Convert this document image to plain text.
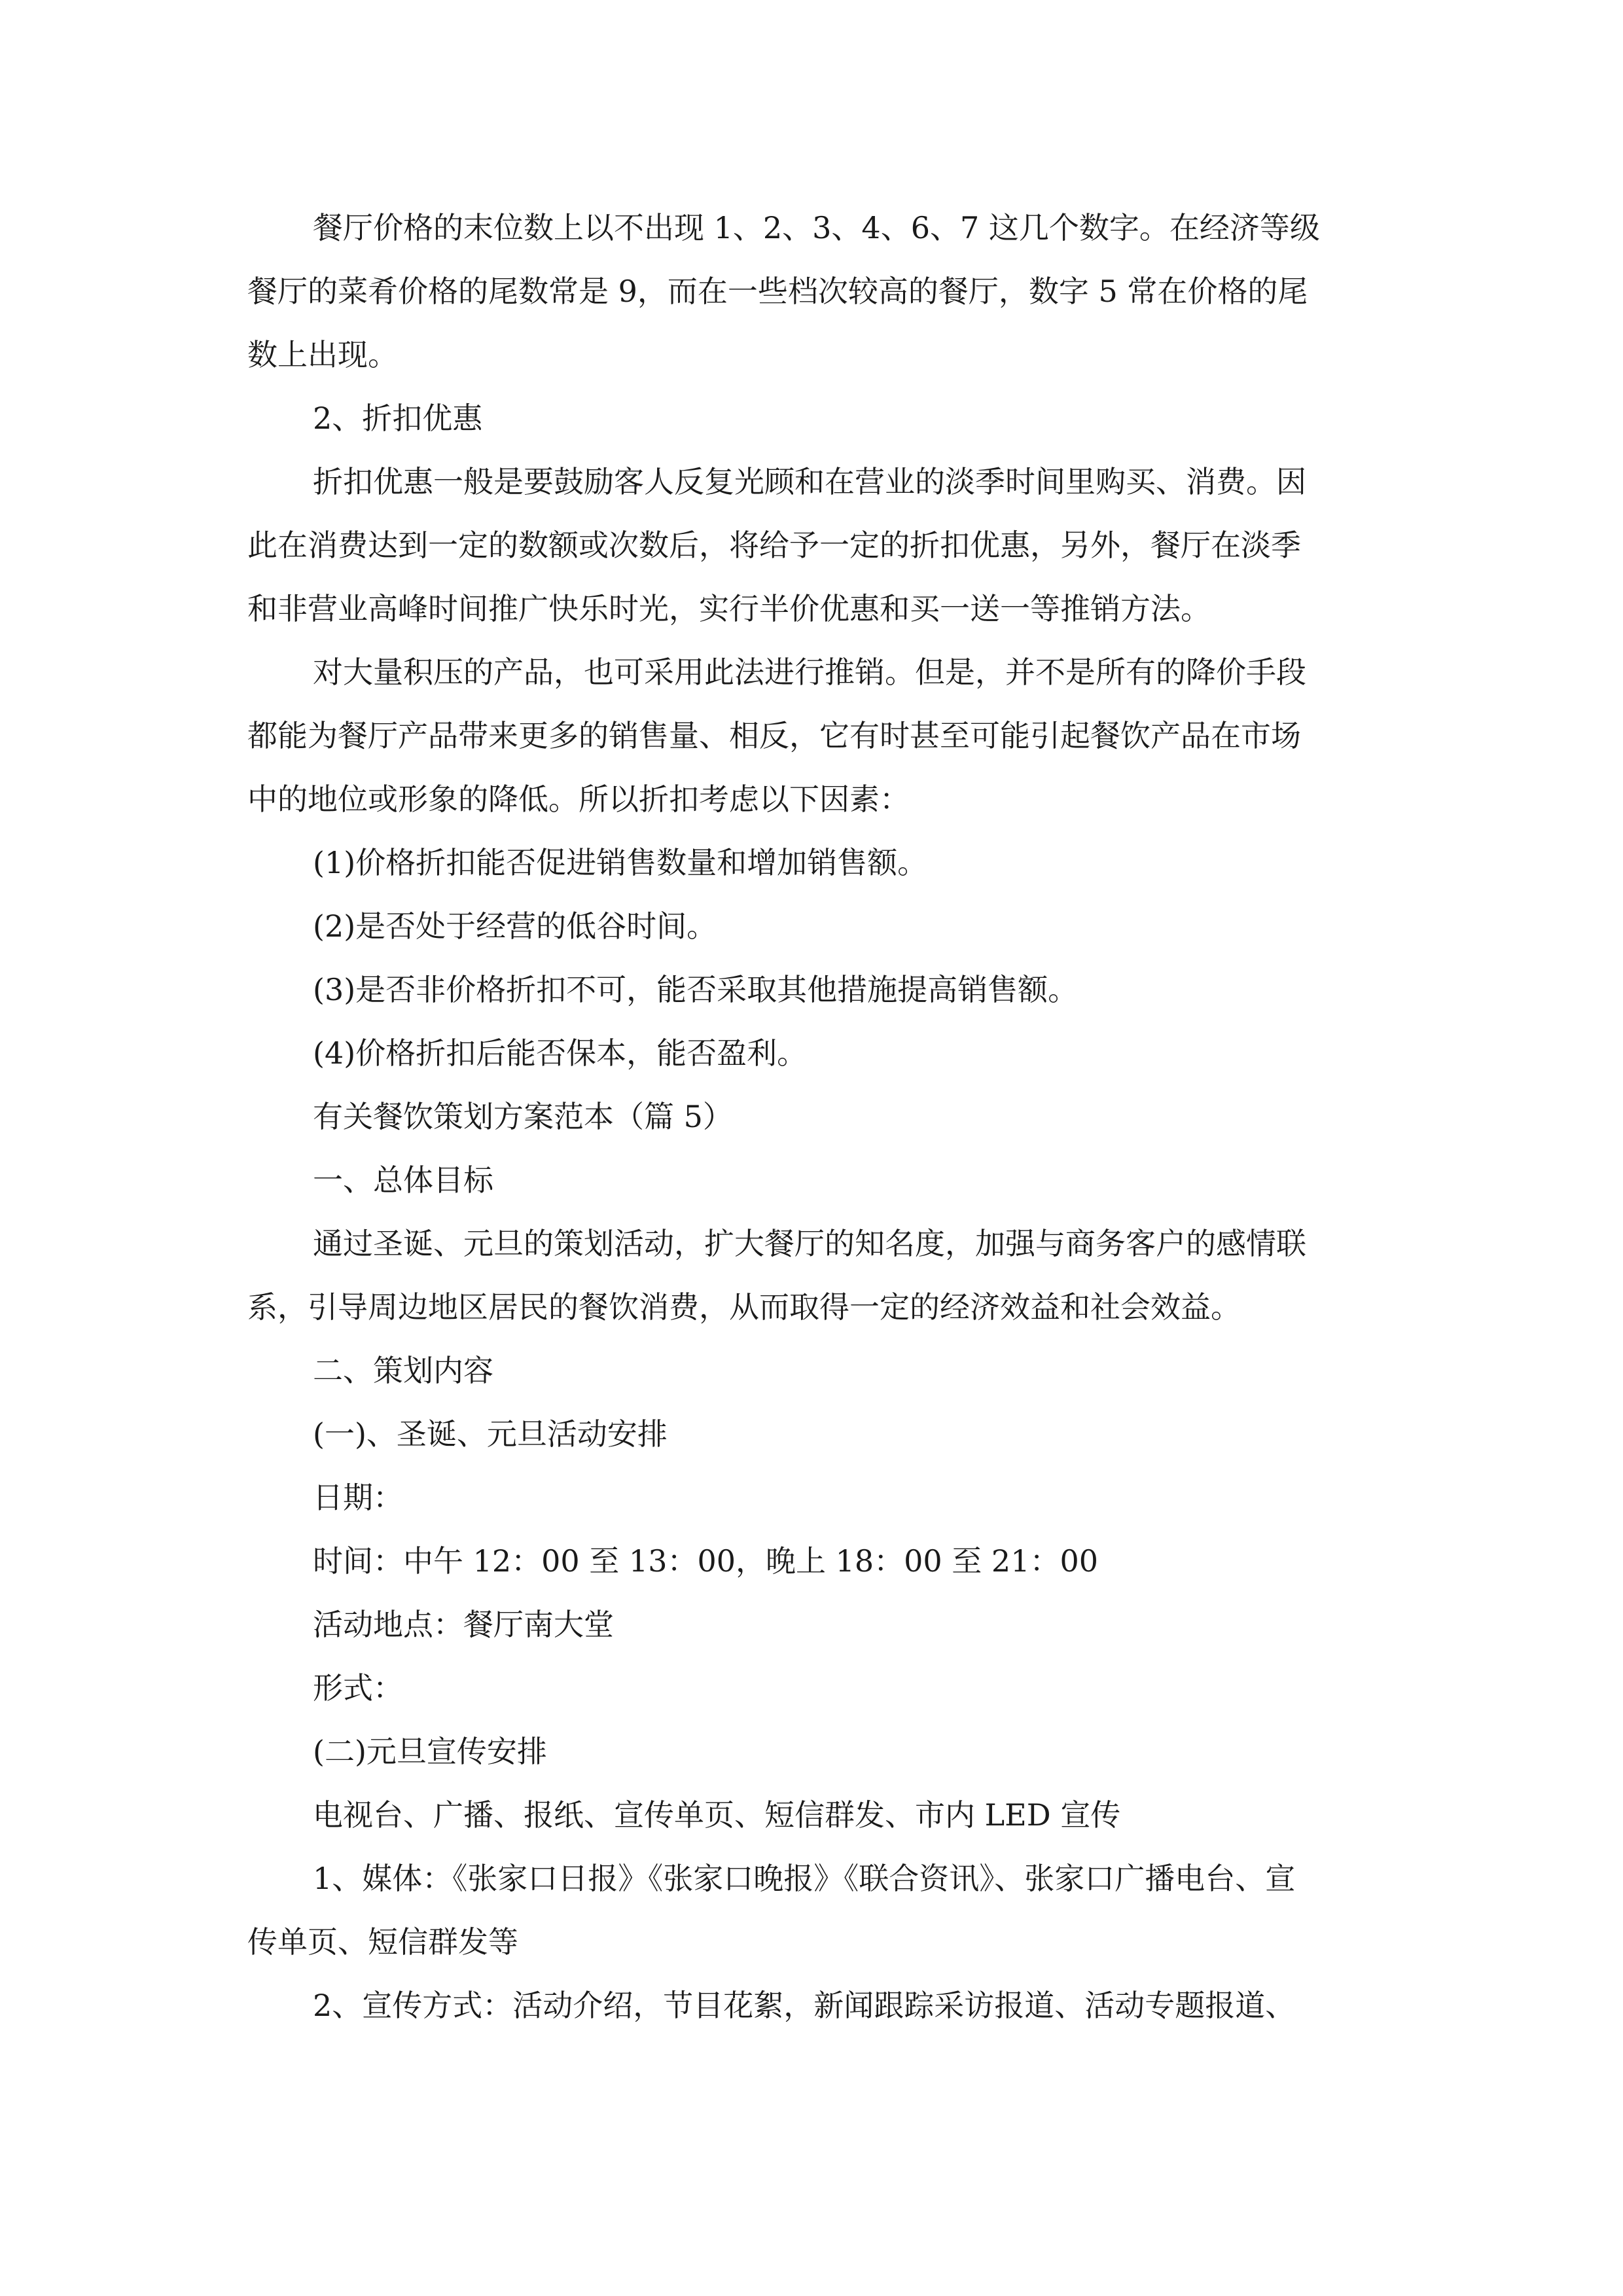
餐厅价格的末位数上以不出现 1、2、3、4、6、7 这几个数字。在经济等级
餐厅的菜肴价格的尾数常是 9，而在一些档次较高的餐厅，数字 5 常在价格的尾
数上出现。
2、折扣优惠
折扣优惠一般是要鼓励客人反复光顾和在营业的淡季时间里购买、消费。因
此在消费达到一定的数额或次数后，将给予一定的折扣优惠，另外，餐厅在淡季
和非营业高峰时间推广快乐时光，实行半价优惠和买一送一等推销方法。
对大量积压的产品，也可采用此法进行推销。但是，并不是所有的降价手段
都能为餐厅产品带来更多的销售量、相反，它有时甚至可能引起餐饮产品在市场
中的地位或形象的降低。所以折扣考虑以下因素：
(1)价格折扣能否促进销售数量和增加销售额。
(2)是否处于经营的低谷时间。
(3)是否非价格折扣不可，能否采取其他措施提高销售额。
(4)价格折扣后能否保本，能否盈利。
有关餐饮策划方案范本（篇 5）
一、总体目标
通过圣诞、元旦的策划活动，扩大餐厅的知名度，加强与商务客户的感情联
系，引导周边地区居民的餐饮消费，从而取得一定的经济效益和社会效益。
二、策划内容
(一)、圣诞、元旦活动安排
日期：
时间：中午 12：00 至 13：00，晚上 18：00 至 21：00
活动地点：餐厅南大堂
形式：
(二)元旦宣传安排
电视台、广播、报纸、宣传单页、短信群发、市内 LED 宣传
1、媒体：《张家口日报》《张家口晚报》《联合资讯》、张家口广播电台、宣
传单页、短信群发等
2、宣传方式：活动介绍，节目花絮，新闻跟踪采访报道、活动专题报道、
